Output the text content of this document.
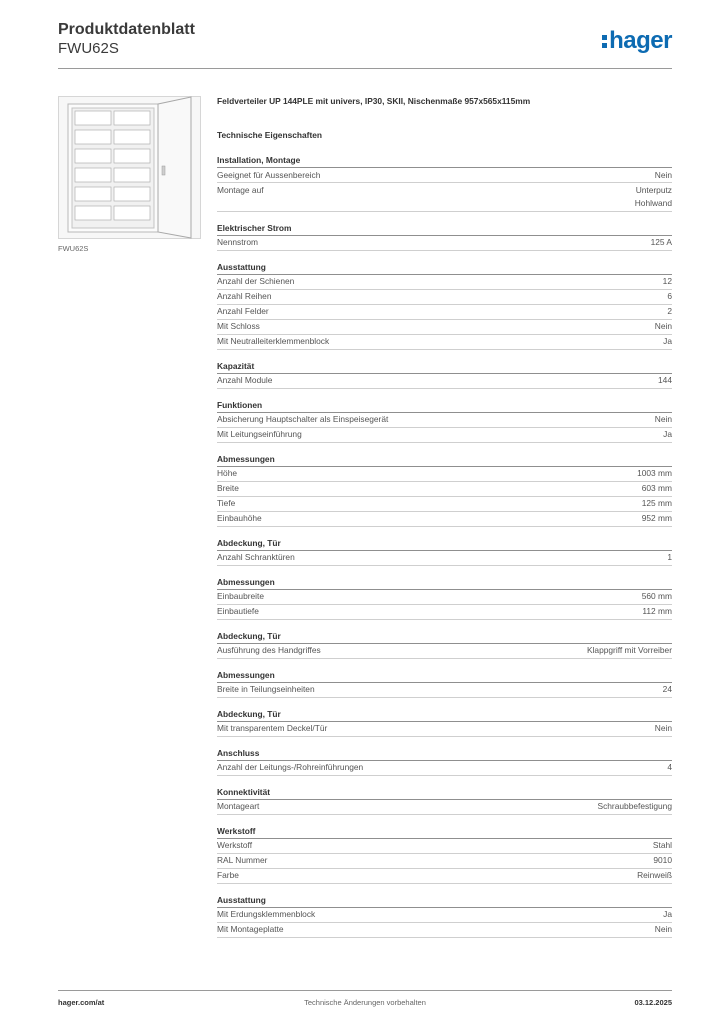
Produktdatenblatt
FWU62S	hager
FWU62S
Feldverteiler UP 144PLE mit univers, IP30, SKII, Nischenmaße 957x565x115mm
Technische Eigenschaften
Installation, Montage
Geeignet für Aussenbereich	Nein
Montage auf	Unterputz
Hohlwand
Elektrischer Strom
Nennstrom	125 A
Ausstattung
Anzahl der Schienen	12
Anzahl Reihen	6
Anzahl Felder	2
Mit Schloss	Nein
Mit Neutralleiterklemmenblock	Ja
Kapazität
Anzahl Module	144
Funktionen
Absicherung Hauptschalter als Einspeisegerät	Nein
Mit Leitungseinführung	Ja
Abmessungen
Höhe	1003 mm
Breite	603 mm
Tiefe	125 mm
Einbauhöhe	952 mm
Abdeckung, Tür
Anzahl Schranktüren	1
Abmessungen
Einbaubreite	560 mm
Einbautiefe	112 mm
Abdeckung, Tür
Ausführung des Handgriffes	Klappgriff mit Vorreiber
Abmessungen
Breite in Teilungseinheiten	24
Abdeckung, Tür
Mit transparentem Deckel/Tür	Nein
Anschluss
Anzahl der Leitungs-/Rohreinführungen	4
Konnektivität
Montageart	Schraubbefestigung
Werkstoff
Werkstoff	Stahl
RAL Nummer	9010
Farbe	Reinweiß
Ausstattung
Mit Erdungsklemmenblock	Ja
Mit Montageplatte	Nein
hager.com/at	Technische Änderungen vorbehalten	03.12.2025
